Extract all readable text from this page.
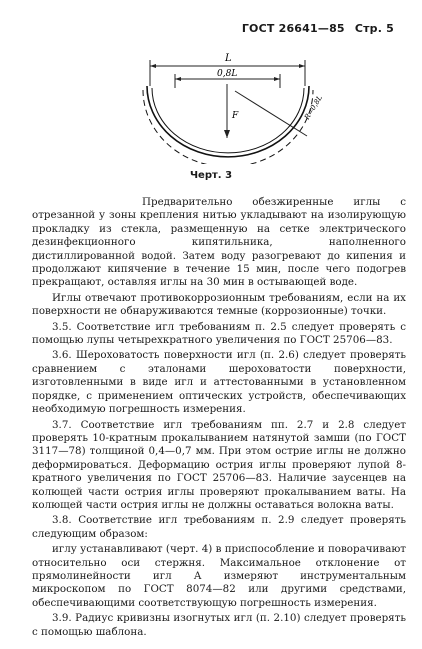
ГОСТ 26641—85 Стр. 5
L
0,8L
F	R=0,8L
Черт. 3

Предварительно обезжиренные иглы с отрезанной у зоны крепления нитью укладывают на изолирующую прокладку из стекла, размещенную на сетке электрического дезинфекционного кипятильника, наполненного дистиллированной водой. Затем воду разогревают до кипения и продолжают кипячение в течение 15 мин, после чего подогрев прекращают, оставляя иглы на 30 мин в остывающей воде.

Иглы отвечают противокоррозионным требованиям, если на их поверхности не обнаруживаются темные (коррозионные) точки.

3.5. Соответствие игл требованиям п. 2.5 следует проверять с помощью лупы четырехкратного увеличения по ГОСТ 25706—83.

3.6. Шероховатость поверхности игл (п. 2.6) следует проверять сравнением с эталонами шероховатости поверхности, изготовленными в виде игл и аттестованными в установленном порядке, с применением оптических устройств, обеспечивающих необходимую погрешность измерения.

3.7. Соответствие игл требованиям пп. 2.7 и 2.8 следует проверять 10-кратным прокалыванием натянутой замши (по ГОСТ 3117—78) толщиной 0,4—0,7 мм. При этом острие иглы не должно деформироваться. Деформацию острия иглы проверяют лупой 8-кратного увеличения по ГОСТ 25706—83. Наличие заусенцев на колющей части острия иглы проверяют прокалыванием ваты. На колющей части острия иглы не должны оставаться волокна ваты.

3.8. Соответствие игл требованиям п. 2.9 следует проверять следующим образом:

иглу устанавливают (черт. 4) в приспособление и поворачивают относительно оси стержня. Максимальное отклонение от прямолинейности игл А измеряют инструментальным микроскопом по ГОСТ 8074—82 или другими средствами, обеспечивающими соответствующую погрешность измерения.

3.9. Радиус кривизны изогнутых игл (п. 2.10) следует проверять с помощью шаблона.
